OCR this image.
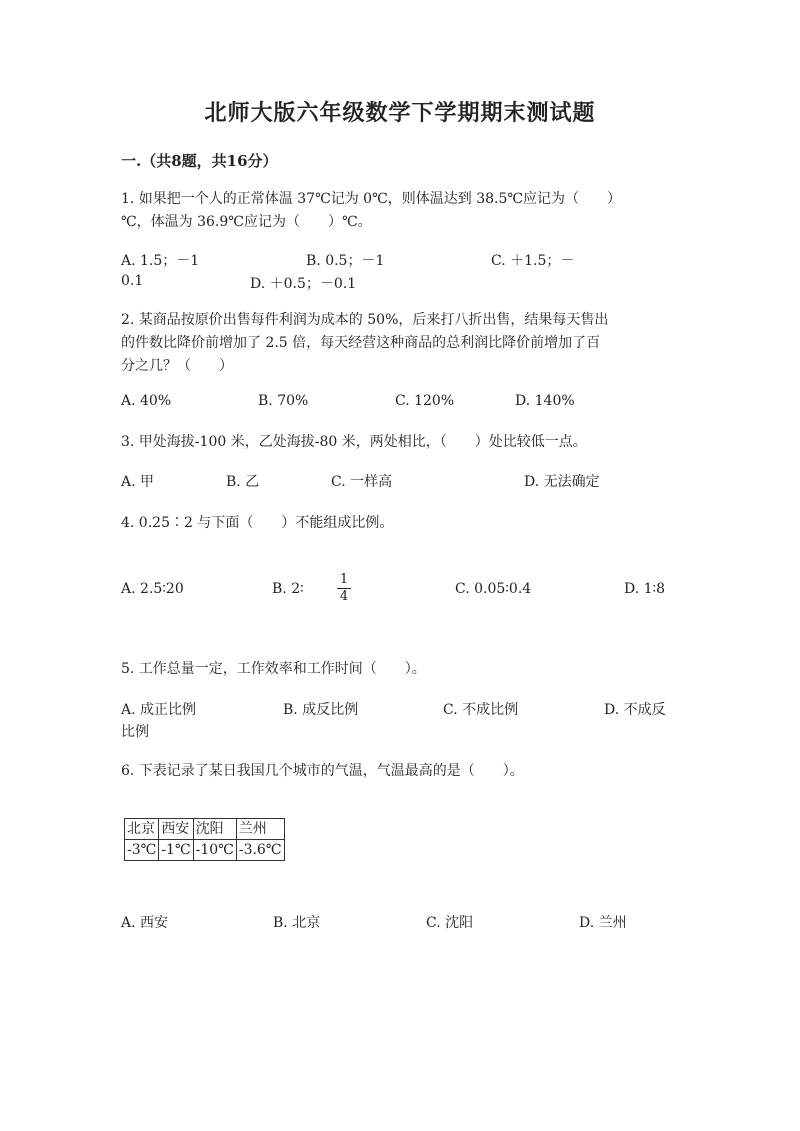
北师大版六年级数学下学期期末测试题
一.（共8题，共16分）
1. 如果把一个人的正常体温 37℃记为 0℃，则体温达到 38.5℃应记为（　　）
℃，体温为 36.9℃应记为（　　）℃。
A. 1.5；－1	B. 0.5；－1	C. ＋1.5；－
0.1	D. ＋0.5；－0.1
2. 某商品按原价出售每件利润为成本的 50%，后来打八折出售，结果每天售出
的件数比降价前增加了 2.5 倍，每天经营这种商品的总利润比降价前增加了百
分之几？（　　）
A. 40%	B. 70%	C. 120%	D. 140%
3. 甲处海拔-100 米，乙处海拔-80 米，两处相比，（　　）处比较低一点。
A. 甲	B. 乙	C. 一样高	D. 无法确定
4. 0.25∶2 与下面（　　）不能组成比例。
A. 2.5∶20	B. 2∶
1
4	C. 0.05∶0.4	D. 1∶8
5. 工作总量一定，工作效率和工作时间（　　）。
A. 成正比例	B. 成反比例	C. 不成比例	D. 不成反
比例
6. 下表记录了某日我国几个城市的气温，气温最高的是（　　）。
北京	西安	沈阳	兰州
-3℃	-1℃	-10℃	-3.6℃
A. 西安	B. 北京	C. 沈阳	D. 兰州
